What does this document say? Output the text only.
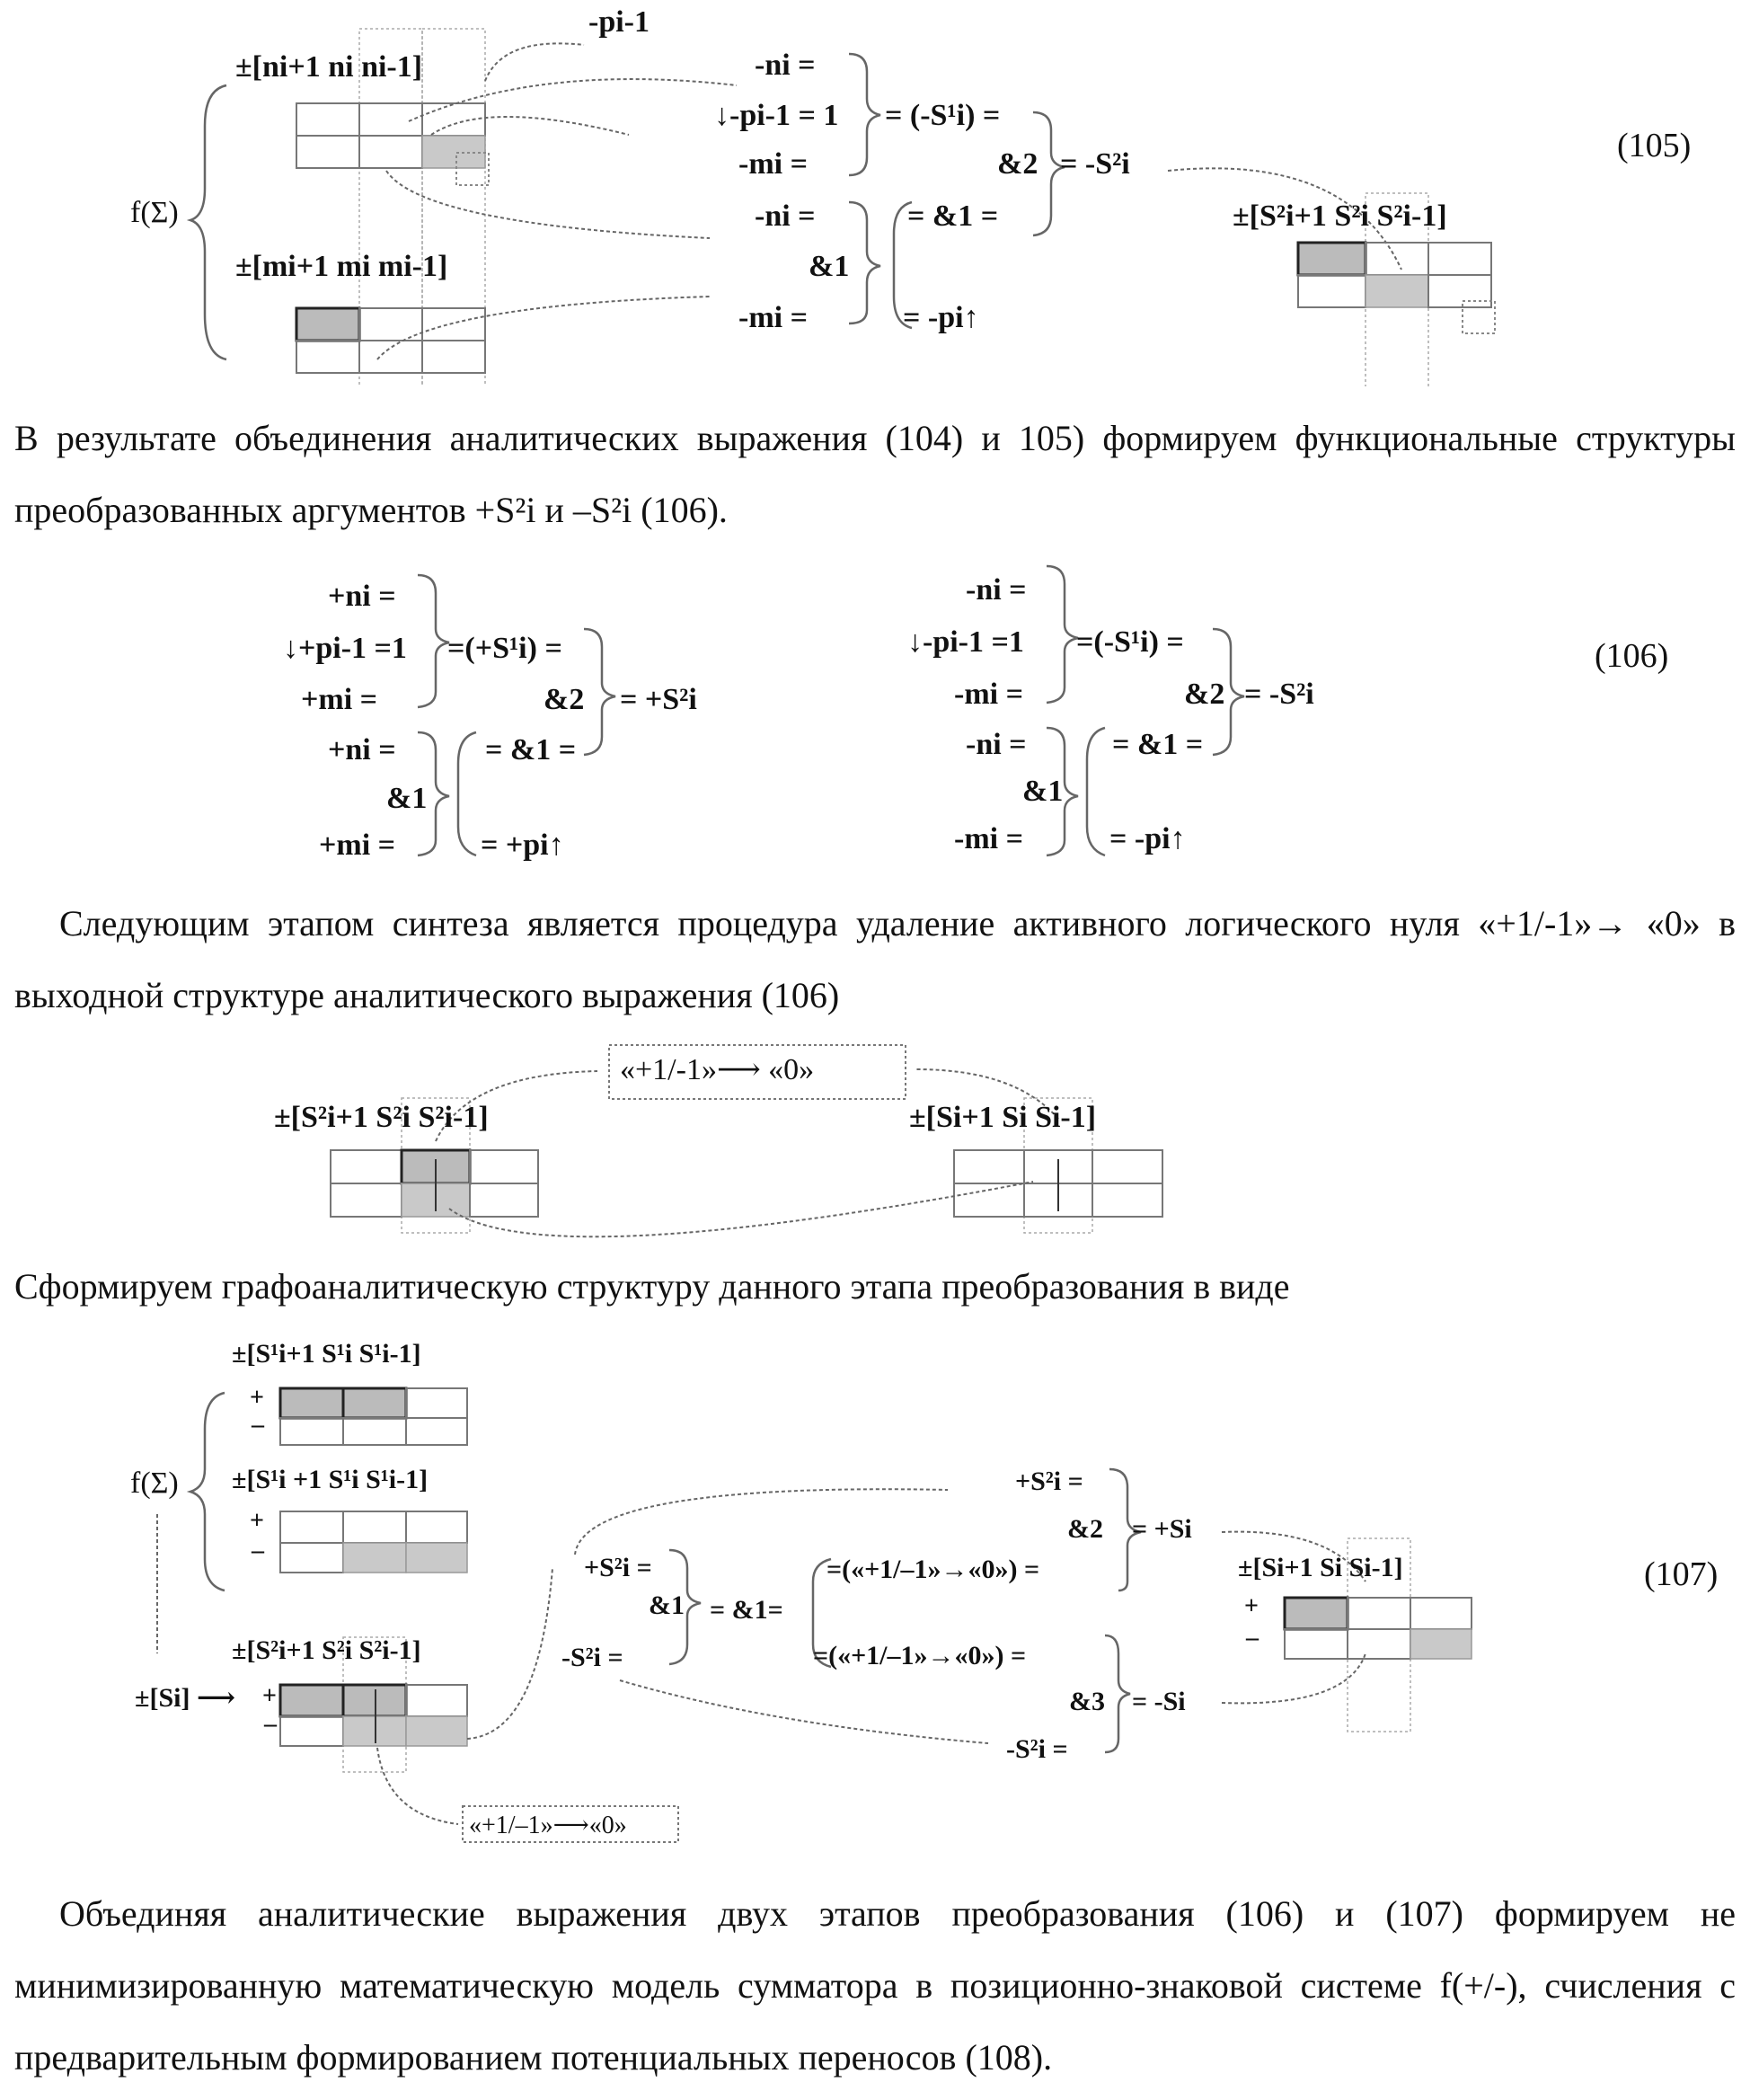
±[ni+1 ni ni-1]
±[mi+1 mi mi-1]
f(Σ)
-pi-1
-ni =
↓-pi-1 = 1
-mi =
= (-S¹i) =
&2 = -S²i
-ni =
&1
-mi =
= &1 =
= -pi↑
±[S²i+1 S²i S²i-1]
(105)
В результате объединения аналитических выражения (104) и 105) формируем функциональные структуры преобразованных аргументов +S²i и –S²i (106).
+ni =
↓+pi-1 =1
+mi =
=(+S¹i) =
&2 = +S²i
+ni =
&1
+mi =
= &1 =
= +pi↑
-ni =
↓-pi-1 =1
-mi =
=(-S¹i) =
&2 = -S²i
-ni =
&1
-mi =
= &1 =
= -pi↑
(106)
Следующим этапом синтеза является процедура удаление активного логического нуля «+1/-1»→ «0» в выходной структуре аналитического выражения (106)
«+1/-1»⟶ «0»
±[S²i+1 S²i S²i-1]	±[Si+1 Si Si-1]
Сформируем графоаналитическую структуру данного этапа преобразования в виде
±[S¹i+1 S¹i S¹i-1]
±[S¹i +1 S¹i S¹i-1]
±[S²i+1 S²i S²i-1]
f(Σ)
±[Si] ⟶
+
–
+
–
+
–
+S²i =
&2 = +Si
+S²i =
&1 = &1=
=(«+1/–1»→«0») =
-S²i =	=(«+1/–1»→«0») =
&3 = -Si
-S²i =
«+1/–1»⟶«0»
±[Si+1 Si Si-1]
+
–
(107)
Объединяя аналитические выражения двух этапов преобразования (106) и (107) формируем не минимизированную математическую модель сумматора в позиционно-знаковой системе f(+/-), счисления с предварительным формированием потенциальных переносов (108).
